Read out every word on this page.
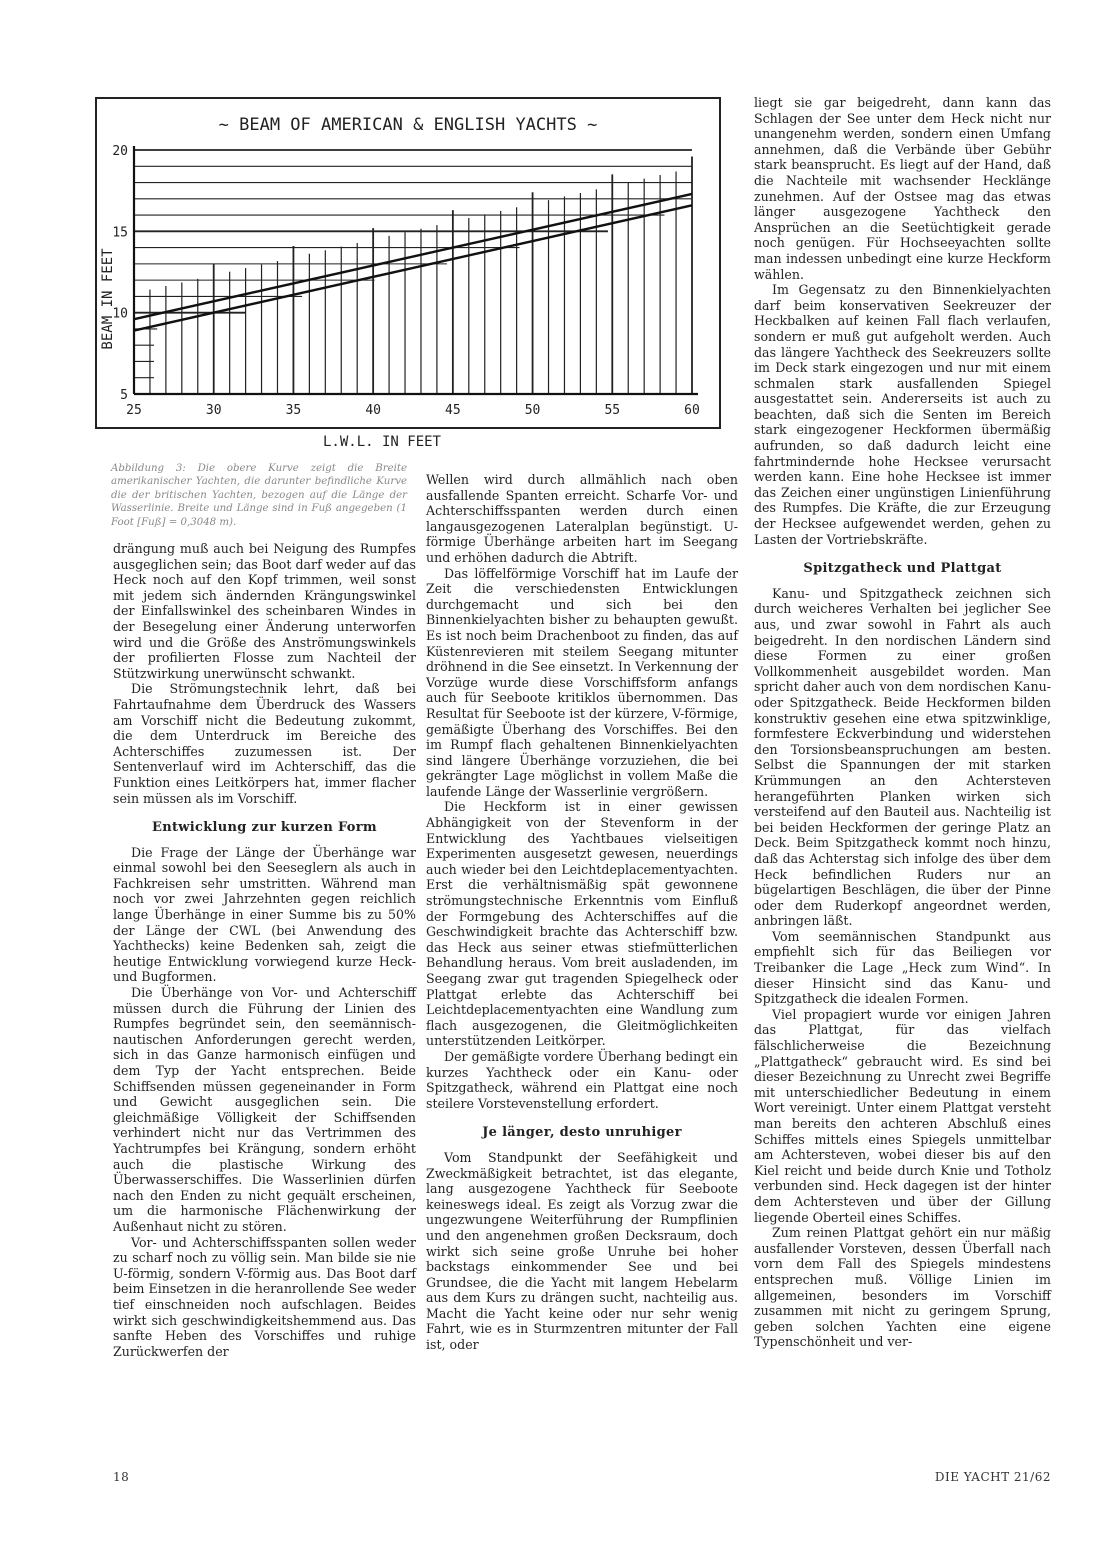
~ BEAM OF AMERICAN & ENGLISH YACHTS ~
25	30	35	40	45	50	55	60
5
10
15
20
L.W.L. IN FEET
BEAM IN FEET
Abbildung 3: Die obere Kurve zeigt die Breite amerikanischer Yachten, die darunter befindliche Kurve die der britischen Yachten, bezogen auf die Länge der Wasserlinie. Breite und Länge sind in Fuß angegeben (1 Foot [Fuß] = 0,3048 m).

drängung muß auch bei Neigung des Rumpfes ausgeglichen sein; das Boot darf weder auf das Heck noch auf den Kopf trimmen, weil sonst mit jedem sich ändernden Krängungswinkel der Einfallswinkel des scheinbaren Windes in der Besegelung einer Änderung unterworfen wird und die Größe des Anströmungswinkels der profilierten Flosse zum Nachteil der Stützwirkung unerwünscht schwankt.

Die Strömungstechnik lehrt, daß bei Fahrtaufnahme dem Überdruck des Wassers am Vorschiff nicht die Bedeutung zukommt, die dem Unterdruck im Bereiche des Achterschiffes zuzumessen ist. Der Sentenverlauf wird im Achterschiff, das die Funktion eines Leitkörpers hat, immer flacher sein müssen als im Vorschiff.

Entwicklung zur kurzen Form

Die Frage der Länge der Überhänge war einmal sowohl bei den Seeseglern als auch in Fachkreisen sehr umstritten. Während man noch vor zwei Jahrzehnten gegen reichlich lange Überhänge in einer Summe bis zu 50% der Länge der CWL (bei Anwendung des Yachthecks) keine Bedenken sah, zeigt die heutige Entwicklung vorwiegend kurze Heck- und Bugformen.

Die Überhänge von Vor- und Achterschiff müssen durch die Führung der Linien des Rumpfes begründet sein, den seemännisch-nautischen Anforderungen gerecht werden, sich in das Ganze harmonisch einfügen und dem Typ der Yacht entsprechen. Beide Schiffsenden müssen gegeneinander in Form und Gewicht ausgeglichen sein. Die gleichmäßige Völligkeit der Schiffsenden verhindert nicht nur das Vertrimmen des Yachtrumpfes bei Krängung, sondern erhöht auch die plastische Wirkung des Überwasserschiffes. Die Wasserlinien dürfen nach den Enden zu nicht gequält erscheinen, um die harmonische Flächenwirkung der Außenhaut nicht zu stören.

Vor- und Achterschiffsspanten sollen weder zu scharf noch zu völlig sein. Man bilde sie nie U-förmig, sondern V-förmig aus. Das Boot darf beim Einsetzen in die heranrollende See weder tief einschneiden noch aufschlagen. Beides wirkt sich geschwindigkeitshemmend aus. Das sanfte Heben des Vorschiffes und ruhige Zurückwerfen der

Wellen wird durch allmählich nach oben ausfallende Spanten erreicht. Scharfe Vor- und Achterschiffsspanten werden durch einen langausgezogenen Lateralplan begünstigt. U-förmige Überhänge arbeiten hart im Seegang und erhöhen dadurch die Abtrift.

Das löffelförmige Vorschiff hat im Laufe der Zeit die verschiedensten Entwicklungen durchgemacht und sich bei den Binnenkielyachten bisher zu behaupten gewußt. Es ist noch beim Drachenboot zu finden, das auf Küstenrevieren mit steilem Seegang mitunter dröhnend in die See einsetzt. In Verkennung der Vorzüge wurde diese Vorschiffsform anfangs auch für Seeboote kritiklos übernommen. Das Resultat für Seeboote ist der kürzere, V-förmige, gemäßigte Überhang des Vorschiffes. Bei den im Rumpf flach gehaltenen Binnenkielyachten sind längere Überhänge vorzuziehen, die bei gekrängter Lage möglichst in vollem Maße die laufende Länge der Wasserlinie vergrößern.

Die Heckform ist in einer gewissen Abhängigkeit von der Stevenform in der Entwicklung des Yachtbaues vielseitigen Experimenten ausgesetzt gewesen, neuerdings auch wieder bei den Leichtdeplacementyachten. Erst die verhältnismäßig spät gewonnene strömungstechnische Erkenntnis vom Einfluß der Formgebung des Achterschiffes auf die Geschwindigkeit brachte das Achterschiff bzw. das Heck aus seiner etwas stiefmütterlichen Behandlung heraus. Vom breit ausladenden, im Seegang zwar gut tragenden Spiegelheck oder Plattgat erlebte das Achterschiff bei Leichtdeplacementyachten eine Wandlung zum flach ausgezogenen, die Gleitmöglichkeiten unterstützenden Leitkörper.

Der gemäßigte vordere Überhang bedingt ein kurzes Yachtheck oder ein Kanu- oder Spitzgatheck, während ein Plattgat eine noch steilere Vorstevenstellung erfordert.

Je länger, desto unruhiger

Vom Standpunkt der Seefähigkeit und Zweckmäßigkeit betrachtet, ist das elegante, lang ausgezogene Yachtheck für Seeboote keineswegs ideal. Es zeigt als Vorzug zwar die ungezwungene Weiterführung der Rumpflinien und den angenehmen großen Decksraum, doch wirkt sich seine große Unruhe bei hoher backstags einkommender See und bei Grundsee, die die Yacht mit langem Hebelarm aus dem Kurs zu drängen sucht, nachteilig aus. Macht die Yacht keine oder nur sehr wenig Fahrt, wie es in Sturmzentren mitunter der Fall ist, oder

liegt sie gar beigedreht, dann kann das Schlagen der See unter dem Heck nicht nur unangenehm werden, sondern einen Umfang annehmen, daß die Verbände über Gebühr stark beansprucht. Es liegt auf der Hand, daß die Nachteile mit wachsender Hecklänge zunehmen. Auf der Ostsee mag das etwas länger ausgezogene Yachtheck den Ansprüchen an die Seetüchtigkeit gerade noch genügen. Für Hochseeyachten sollte man indessen unbedingt eine kurze Heckform wählen.

Im Gegensatz zu den Binnenkielyachten darf beim konservativen Seekreuzer der Heckbalken auf keinen Fall flach verlaufen, sondern er muß gut aufgeholt werden. Auch das längere Yachtheck des Seekreuzers sollte im Deck stark eingezogen und nur mit einem schmalen stark ausfallenden Spiegel ausgestattet sein. Andererseits ist auch zu beachten, daß sich die Senten im Bereich stark eingezogener Heckformen übermäßig aufrunden, so daß dadurch leicht eine fahrtmindernde hohe Hecksee verursacht werden kann. Eine hohe Hecksee ist immer das Zeichen einer ungünstigen Linienführung des Rumpfes. Die Kräfte, die zur Erzeugung der Hecksee aufgewendet werden, gehen zu Lasten der Vortriebskräfte.

Spitzgatheck und Plattgat

Kanu- und Spitzgatheck zeichnen sich durch weicheres Verhalten bei jeglicher See aus, und zwar sowohl in Fahrt als auch beigedreht. In den nordischen Ländern sind diese Formen zu einer großen Vollkommenheit ausgebildet worden. Man spricht daher auch von dem nordischen Kanu- oder Spitzgatheck. Beide Heckformen bilden konstruktiv gesehen eine etwa spitzwinklige, formfestere Eckverbindung und widerstehen den Torsionsbeanspruchungen am besten. Selbst die Spannungen der mit starken Krümmungen an den Achtersteven herangeführten Planken wirken sich versteifend auf den Bauteil aus. Nachteilig ist bei beiden Heckformen der geringe Platz an Deck. Beim Spitzgatheck kommt noch hinzu, daß das Achterstag sich infolge des über dem Heck befindlichen Ruders nur an bügelartigen Beschlägen, die über der Pinne oder dem Ruderkopf angeordnet werden, anbringen läßt.

Vom seemännischen Standpunkt aus empfiehlt sich für das Beiliegen vor Treibanker die Lage „Heck zum Wind“. In dieser Hinsicht sind das Kanu- und Spitzgatheck die idealen Formen.

Viel propagiert wurde vor einigen Jahren das Plattgat, für das vielfach fälschlicherweise die Bezeichnung „Plattgatheck“ gebraucht wird. Es sind bei dieser Bezeichnung zu Unrecht zwei Begriffe mit unterschiedlicher Bedeutung in einem Wort vereinigt. Unter einem Plattgat versteht man bereits den achteren Abschluß eines Schiffes mittels eines Spiegels unmittelbar am Achtersteven, wobei dieser bis auf den Kiel reicht und beide durch Knie und Totholz verbunden sind. Heck dagegen ist der hinter dem Achtersteven und über der Gillung liegende Oberteil eines Schiffes.

Zum reinen Plattgat gehört ein nur mäßig ausfallender Vorsteven, dessen Überfall nach vorn dem Fall des Spiegels mindestens entsprechen muß. Völlige Linien im allgemeinen, besonders im Vorschiff zusammen mit nicht zu geringem Sprung, geben solchen Yachten eine eigene Typenschönheit und ver-

18	DIE YACHT 21/62
